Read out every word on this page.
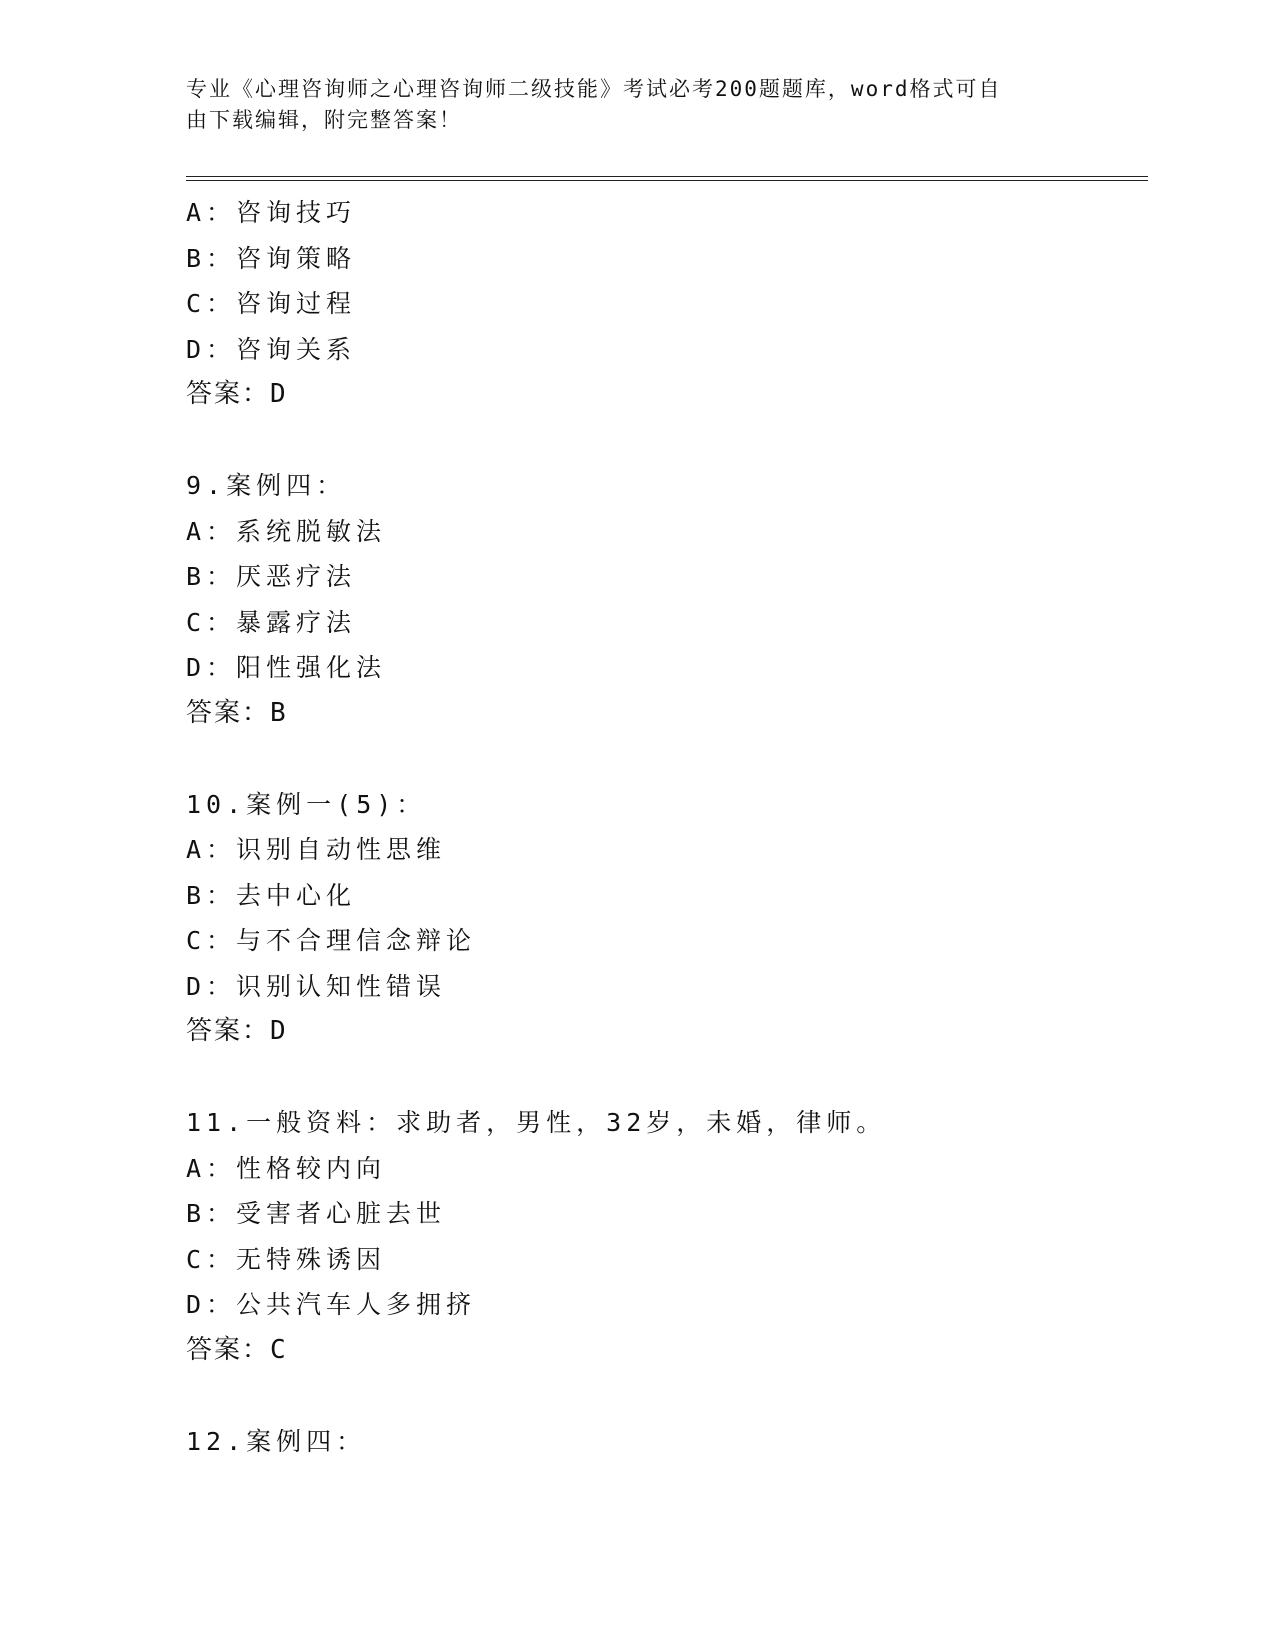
专业《心理咨询师之心理咨询师二级技能》考试必考200题题库，word格式可自

由下载编辑，附完整答案！

A：咨询技巧
B：咨询策略
C：咨询过程
D：咨询关系
答案：D
9.案例四：
A：系统脱敏法
B：厌恶疗法
C：暴露疗法
D：阳性强化法
答案：B
10.案例一(5)：
A：识别自动性思维
B：去中心化
C：与不合理信念辩论
D：识别认知性错误
答案：D
11.一般资料：求助者，男性，32岁，未婚，律师。
A：性格较内向
B：受害者心脏去世
C：无特殊诱因
D：公共汽车人多拥挤
答案：C
12.案例四：
